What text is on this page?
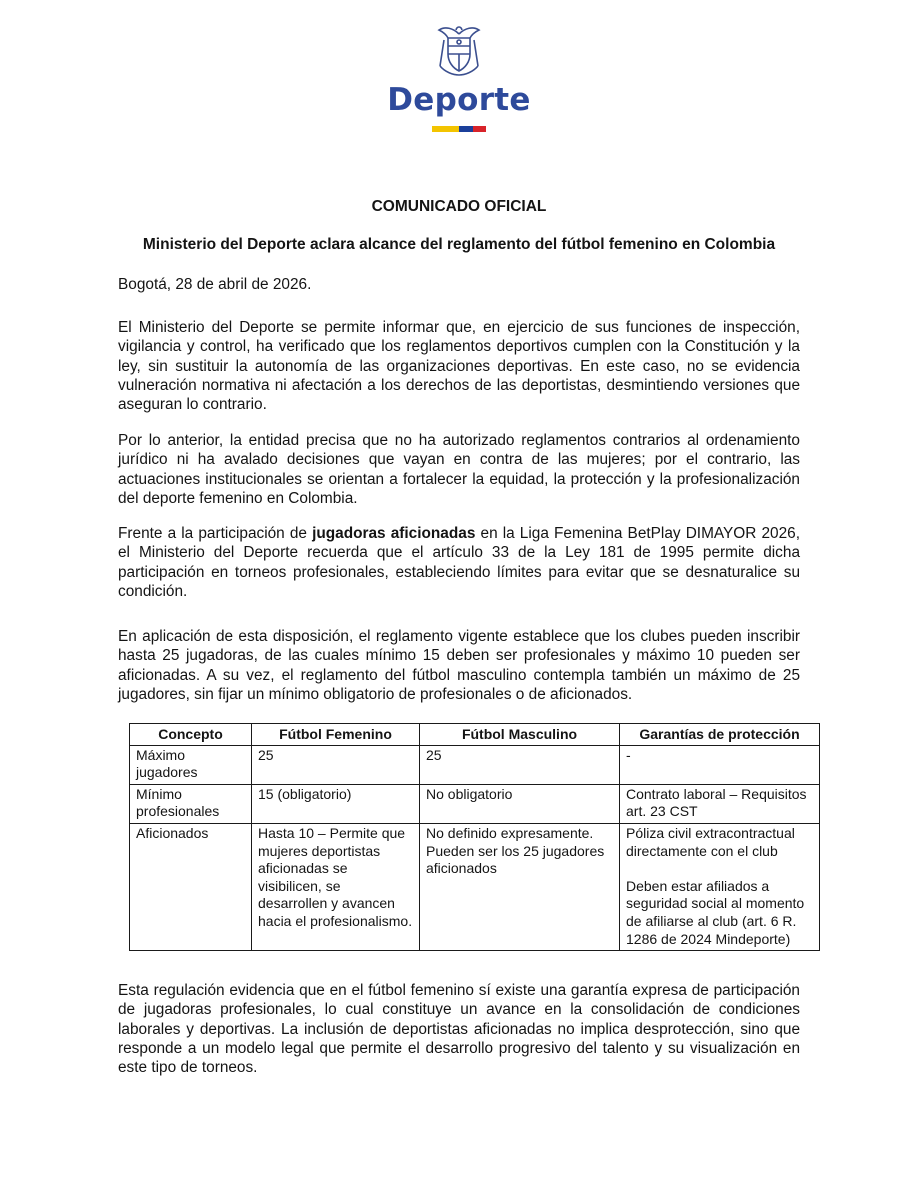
Deporte
COMUNICADO OFICIAL
Ministerio del Deporte aclara alcance del reglamento del fútbol femenino en Colombia
Bogotá, 28 de abril de 2026.
El Ministerio del Deporte se permite informar que, en ejercicio de sus funciones de inspección, vigilancia y control, ha verificado que los reglamentos deportivos cumplen con la Constitución y la ley, sin sustituir la autonomía de las organizaciones deportivas. En este caso, no se evidencia vulneración normativa ni afectación a los derechos de las deportistas, desmintiendo versiones que aseguran lo contrario.
Por lo anterior, la entidad precisa que no ha autorizado reglamentos contrarios al ordenamiento jurídico ni ha avalado decisiones que vayan en contra de las mujeres; por el contrario, las actuaciones institucionales se orientan a fortalecer la equidad, la protección y la profesionalización del deporte femenino en Colombia.
Frente a la participación de jugadoras aficionadas en la Liga Femenina BetPlay DIMAYOR 2026, el Ministerio del Deporte recuerda que el artículo 33 de la Ley 181 de 1995 permite dicha participación en torneos profesionales, estableciendo límites para evitar que se desnaturalice su condición.
En aplicación de esta disposición, el reglamento vigente establece que los clubes pueden inscribir hasta 25 jugadoras, de las cuales mínimo 15 deben ser profesionales y máximo 10 pueden ser aficionadas. A su vez, el reglamento del fútbol masculino contempla también un máximo de 25 jugadores, sin fijar un mínimo obligatorio de profesionales o de aficionados.
Concepto	Fútbol Femenino	Fútbol Masculino	Garantías de protección
Máximo jugadores	25	25	-
Mínimo profesionales	15 (obligatorio)	No obligatorio	Contrato laboral – Requisitos art. 23 CST
Aficionados	Hasta 10 – Permite que mujeres deportistas aficionadas se visibilicen, se desarrollen y avancen hacia el profesionalismo.	No definido expresamente. Pueden ser los 25 jugadores aficionados	Póliza civil extracontractual directamente con el club
Deben estar afiliados a seguridad social al momento de afiliarse al club (art. 6 R. 1286 de 2024 Mindeporte)
Esta regulación evidencia que en el fútbol femenino sí existe una garantía expresa de participación de jugadoras profesionales, lo cual constituye un avance en la consolidación de condiciones laborales y deportivas. La inclusión de deportistas aficionadas no implica desprotección, sino que responde a un modelo legal que permite el desarrollo progresivo del talento y su visualización en este tipo de torneos.
